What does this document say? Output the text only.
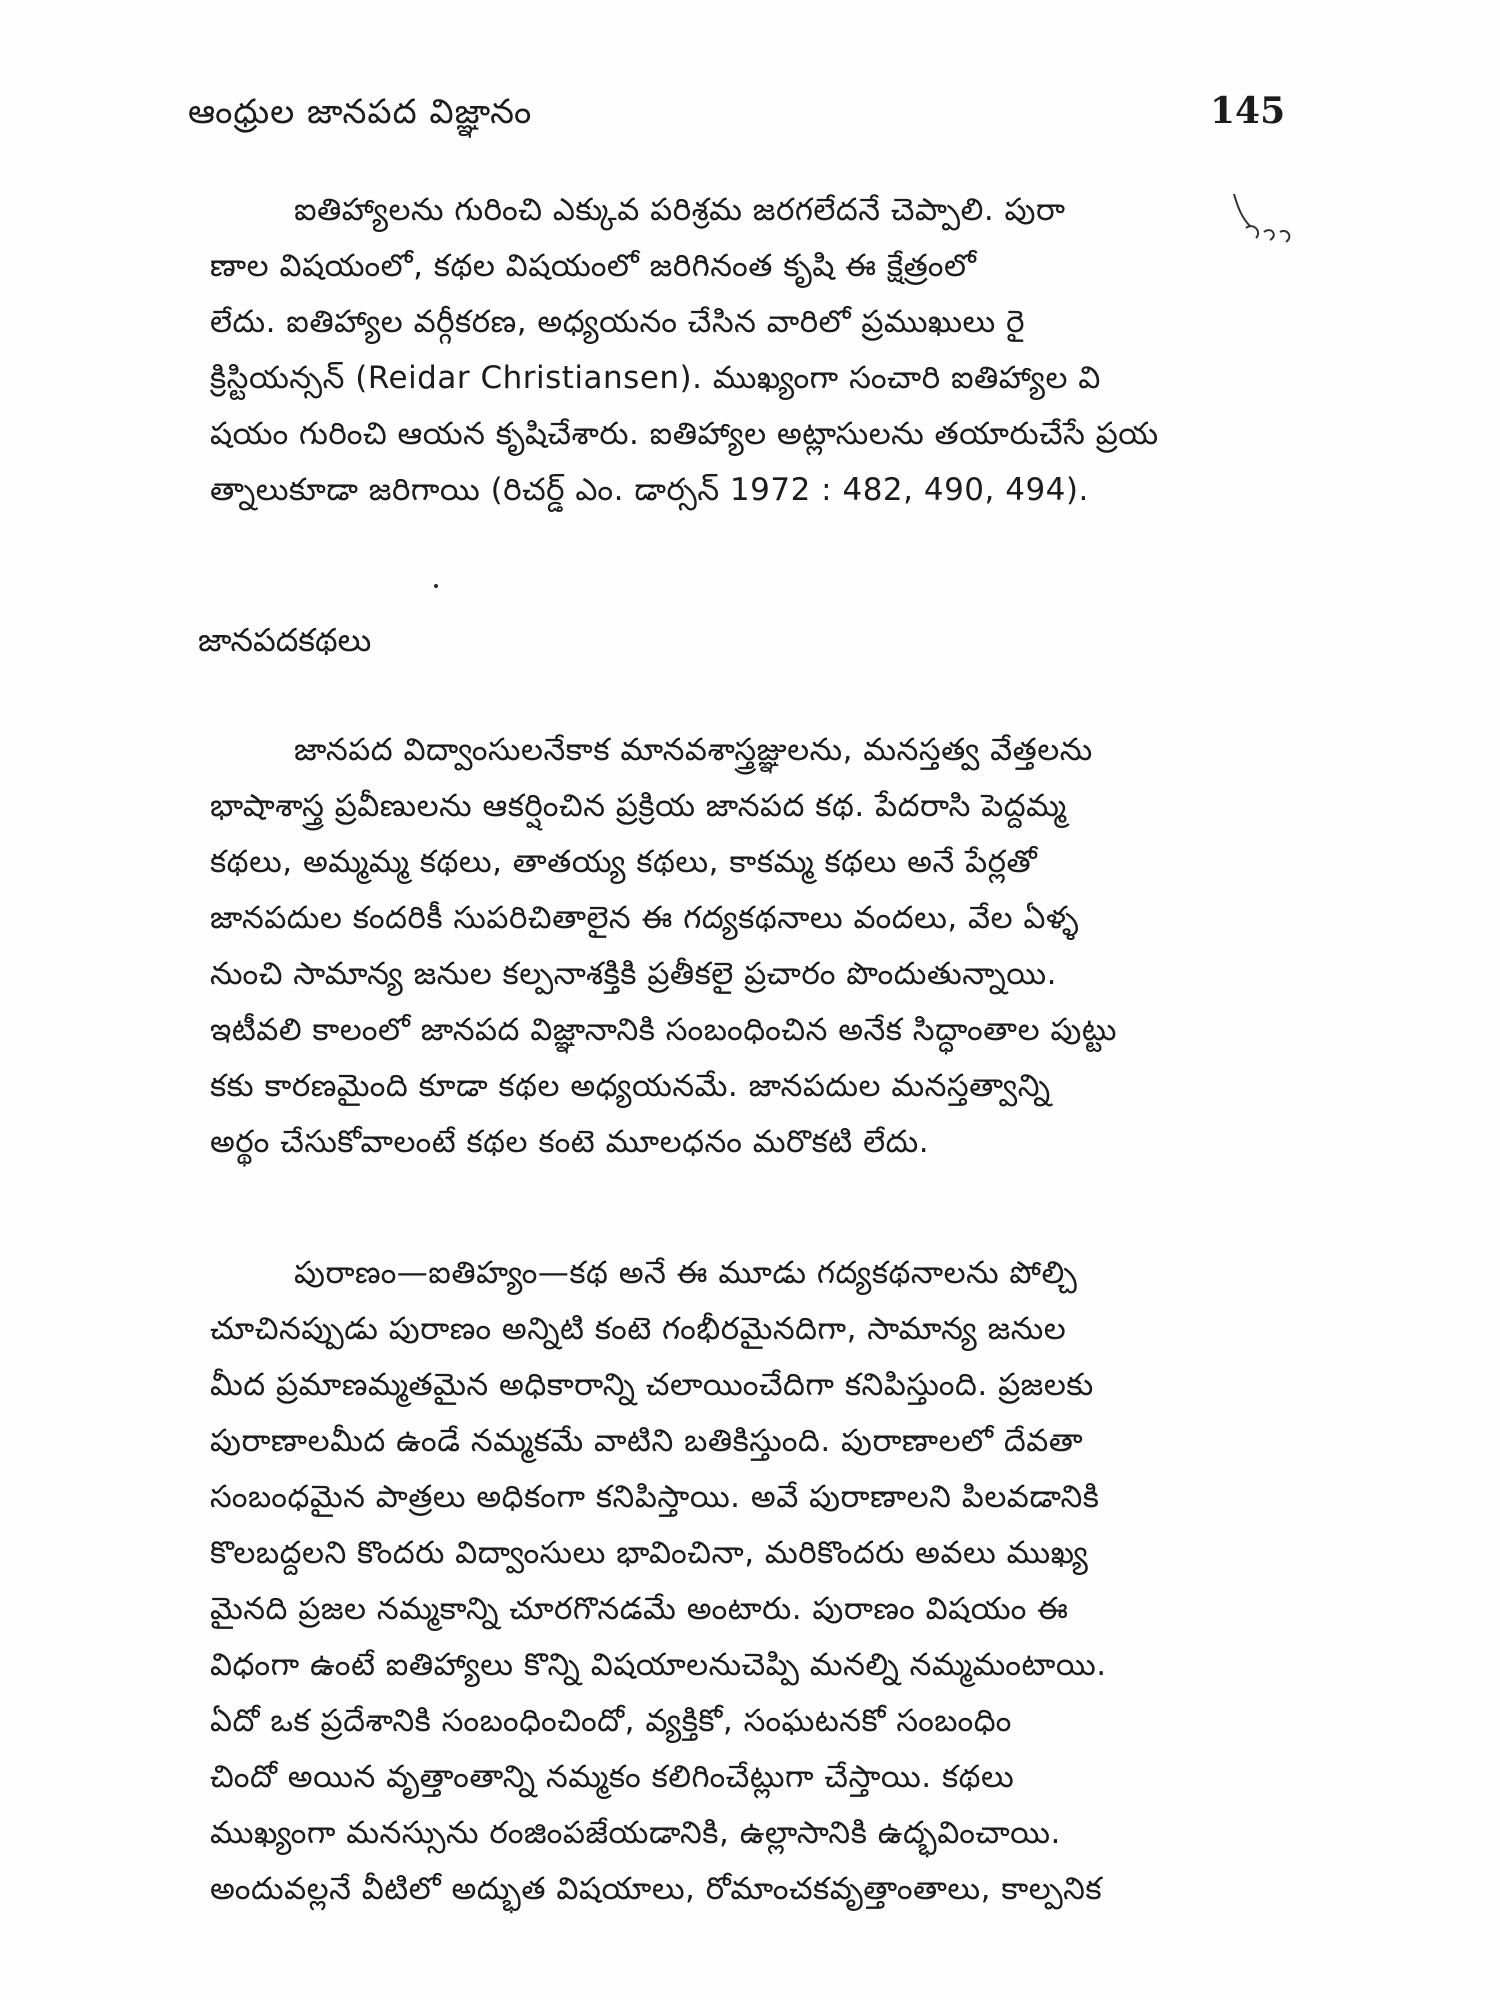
ఆంధ్రుల జానపద విజ్ఞానం	145
ఐతిహ్యాలను గురించి ఎక్కువ పరిశ్రమ జరగలేదనే చెప్పాలి. పురా
ణాల విషయంలో, కథల విషయంలో జరిగినంత కృషి ఈ క్షేత్రంలో
లేదు. ఐతిహ్యాల వర్గీకరణ, అధ్యయనం చేసిన వారిలో ప్రముఖులు రై
క్రిస్టియన్సన్ (Reidar Christiansen). ముఖ్యంగా సంచారి ఐతిహ్యాల వి
షయం గురించి ఆయన కృషిచేశారు. ఐతిహ్యాల అట్లాసులను తయారుచేసే ప్రయ
త్నాలుకూడా జరిగాయి (రిచర్డ్ ఎం. డార్సన్ 1972 : 482, 490, 494).
జానపదకథలు
జానపద విద్వాంసులనేకాక మానవశాస్త్రజ్ఞులను, మనస్తత్వ వేత్తలను
భాషాశాస్త్ర ప్రవీణులను ఆకర్షించిన ప్రక్రియ జానపద కథ. పేదరాసి పెద్దమ్మ
కథలు, అమ్మమ్మ కథలు, తాతయ్య కథలు, కాకమ్మ కథలు అనే పేర్లతో
జానపదుల కందరికీ సుపరిచితాలైన ఈ గద్యకథనాలు వందలు, వేల ఏళ్ళ
నుంచి సామాన్య జనుల కల్పనాశక్తికి ప్రతీకలై ప్రచారం పొందుతున్నాయి.
ఇటీవలి కాలంలో జానపద విజ్ఞానానికి సంబంధించిన అనేక సిద్ధాంతాల పుట్టు
కకు కారణమైంది కూడా కథల అధ్యయనమే. జానపదుల మనస్తత్వాన్ని
అర్థం చేసుకోవాలంటే కథల కంటె మూలధనం మరొకటి లేదు.
పురాణం—ఐతిహ్యం—కథ అనే ఈ మూడు గద్యకథనాలను పోల్చి
చూచినప్పుడు పురాణం అన్నిటి కంటె గంభీరమైనదిగా, సామాన్య జనుల
మీద ప్రమాణమ్మతమైన అధికారాన్ని చలాయించేదిగా కనిపిస్తుంది. ప్రజలకు
పురాణాలమీద ఉండే నమ్మకమే వాటిని బతికిస్తుంది. పురాణాలలో దేవతా
సంబంధమైన పాత్రలు అధికంగా కనిపిస్తాయి. అవే పురాణాలని పిలవడానికి
కొలబద్దలని కొందరు విద్వాంసులు భావించినా, మరికొందరు అవలు ముఖ్య
మైనది ప్రజల నమ్మకాన్ని చూరగొనడమే అంటారు. పురాణం విషయం ఈ
విధంగా ఉంటే ఐతిహ్యాలు కొన్ని విషయాలనుచెప్పి మనల్ని నమ్మమంటాయి.
ఏదో ఒక ప్రదేశానికి సంబంధించిందో, వ్యక్తికో, సంఘటనకో సంబంధిం
చిందో అయిన వృత్తాంతాన్ని నమ్మకం కలిగించేట్లుగా చేస్తాయి. కథలు
ముఖ్యంగా మనస్సును రంజింపజేయడానికి, ఉల్లాసానికి ఉద్భవించాయి.
అందువల్లనే వీటిలో అద్భుత విషయాలు, రోమాంచకవృత్తాంతాలు, కాల్పనిక
